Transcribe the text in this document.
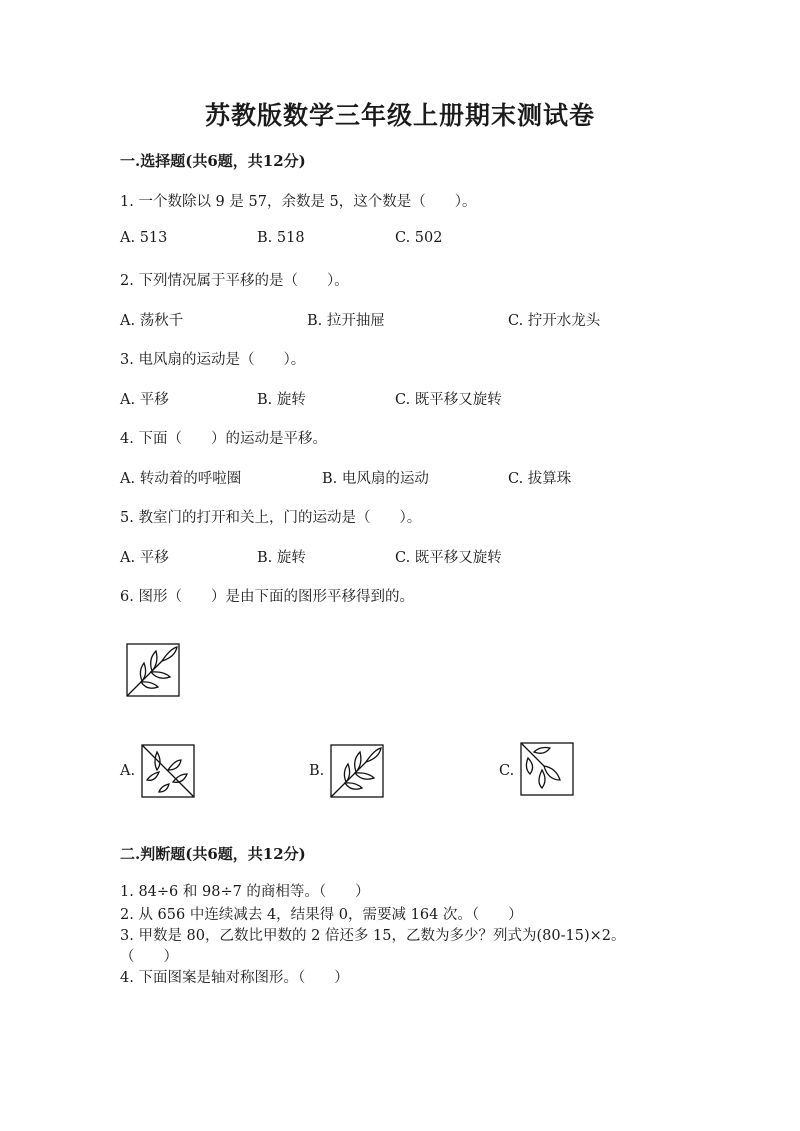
苏教版数学三年级上册期末测试卷
一.选择题(共6题，共12分)
1. 一个数除以 9 是 57，余数是 5，这个数是（　　）。
A. 513	B. 518	C. 502
2. 下列情况属于平移的是（　　）。
A. 荡秋千	B. 拉开抽屉	C. 拧开水龙头
3. 电风扇的运动是（　　）。
A. 平移	B. 旋转	C. 既平移又旋转
4. 下面（　　）的运动是平移。
A. 转动着的呼啦圈	B. 电风扇的运动	C. 拔算珠
5. 教室门的打开和关上，门的运动是（　　）。
A. 平移	B. 旋转	C. 既平移又旋转
6. 图形（　　）是由下面的图形平移得到的。
A.	B.	C.
二.判断题(共6题，共12分)
1. 84÷6 和 98÷7 的商相等。（　　）
2. 从 656 中连续减去 4，结果得 0，需要减 164 次。（　　）
3. 甲数是 80，乙数比甲数的 2 倍还多 15，乙数为多少？列式为(80-15)×2。
（　　）
4. 下面图案是轴对称图形。（　　）
